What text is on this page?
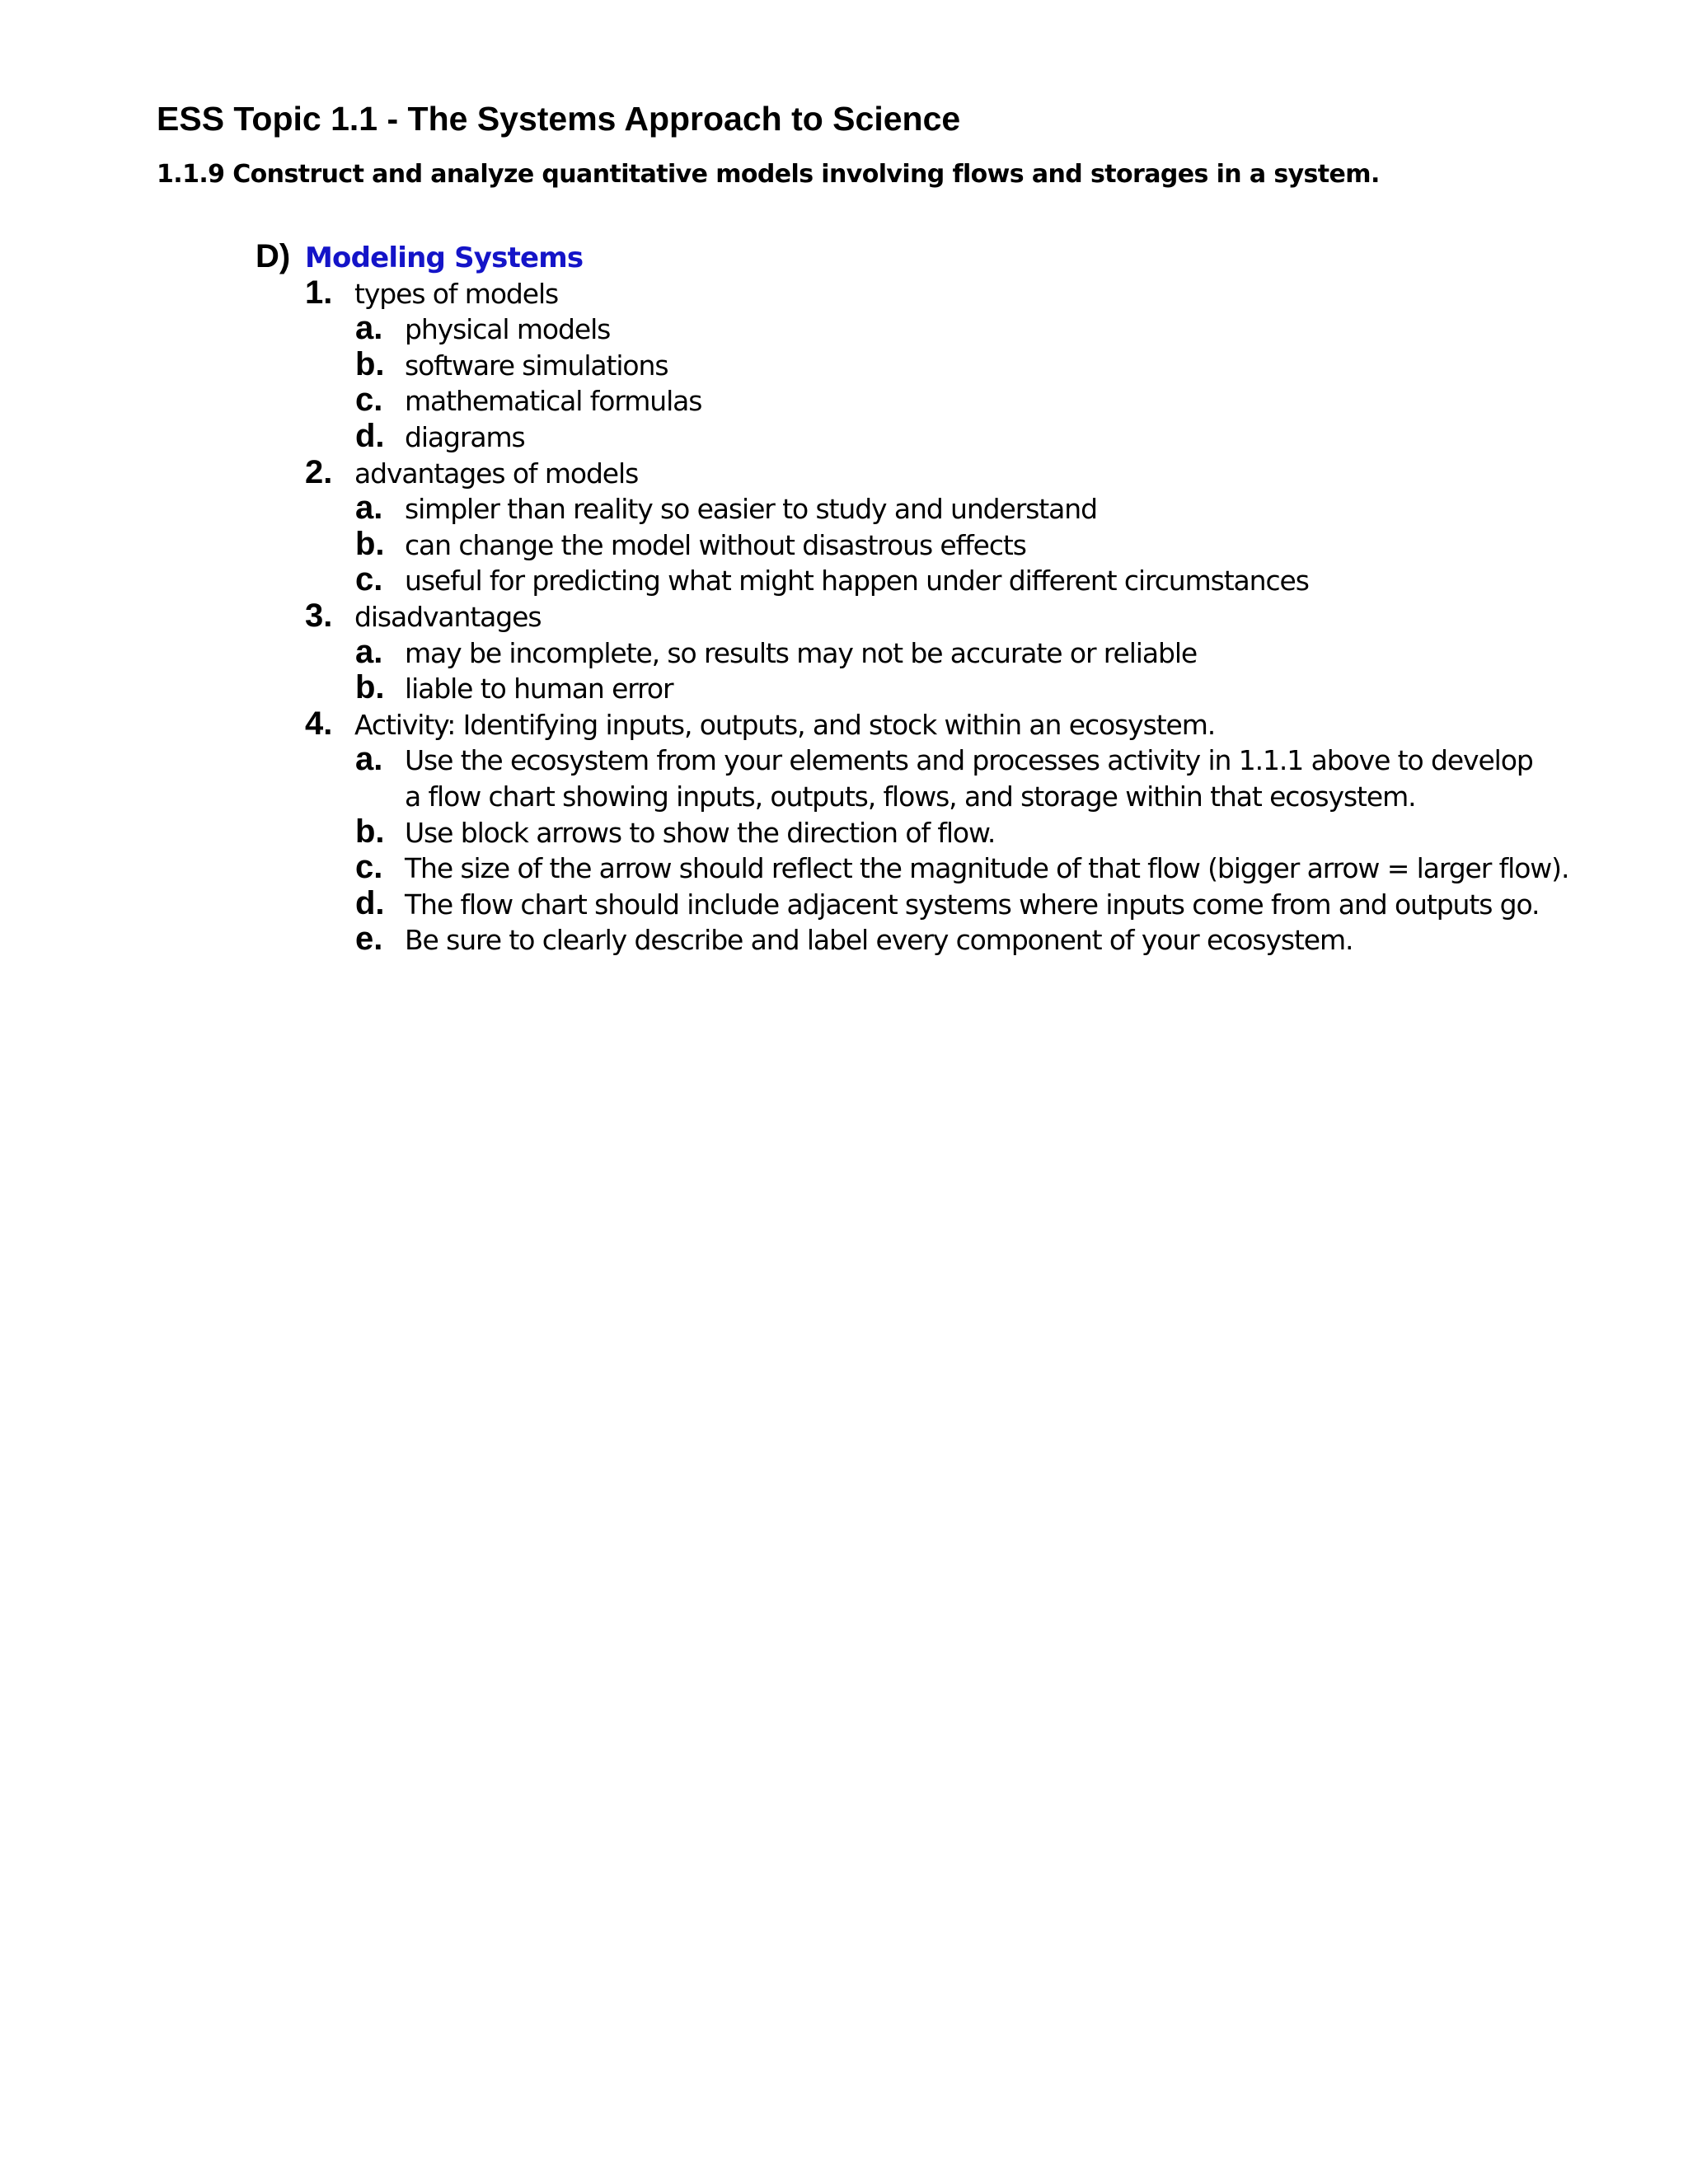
ESS Topic 1.1 - The Systems Approach to Science
1.1.9 Construct and analyze quantitative models involving flows and storages in a system.
D) Modeling Systems
1. types of models
a. physical models
b. software simulations
c. mathematical formulas
d. diagrams
2. advantages of models
a. simpler than reality so easier to study and understand
b. can change the model without disastrous effects
c. useful for predicting what might happen under different circumstances
3. disadvantages
a. may be incomplete, so results may not be accurate or reliable
b. liable to human error
4. Activity: Identifying inputs, outputs, and stock within an ecosystem.
a. Use the ecosystem from your elements and processes activity in 1.1.1 above to develop a flow chart showing inputs, outputs, flows, and storage within that ecosystem.
b. Use block arrows to show the direction of flow.
c. The size of the arrow should reflect the magnitude of that flow (bigger arrow = larger flow).
d. The flow chart should include adjacent systems where inputs come from and outputs go.
e. Be sure to clearly describe and label every component of your ecosystem.
